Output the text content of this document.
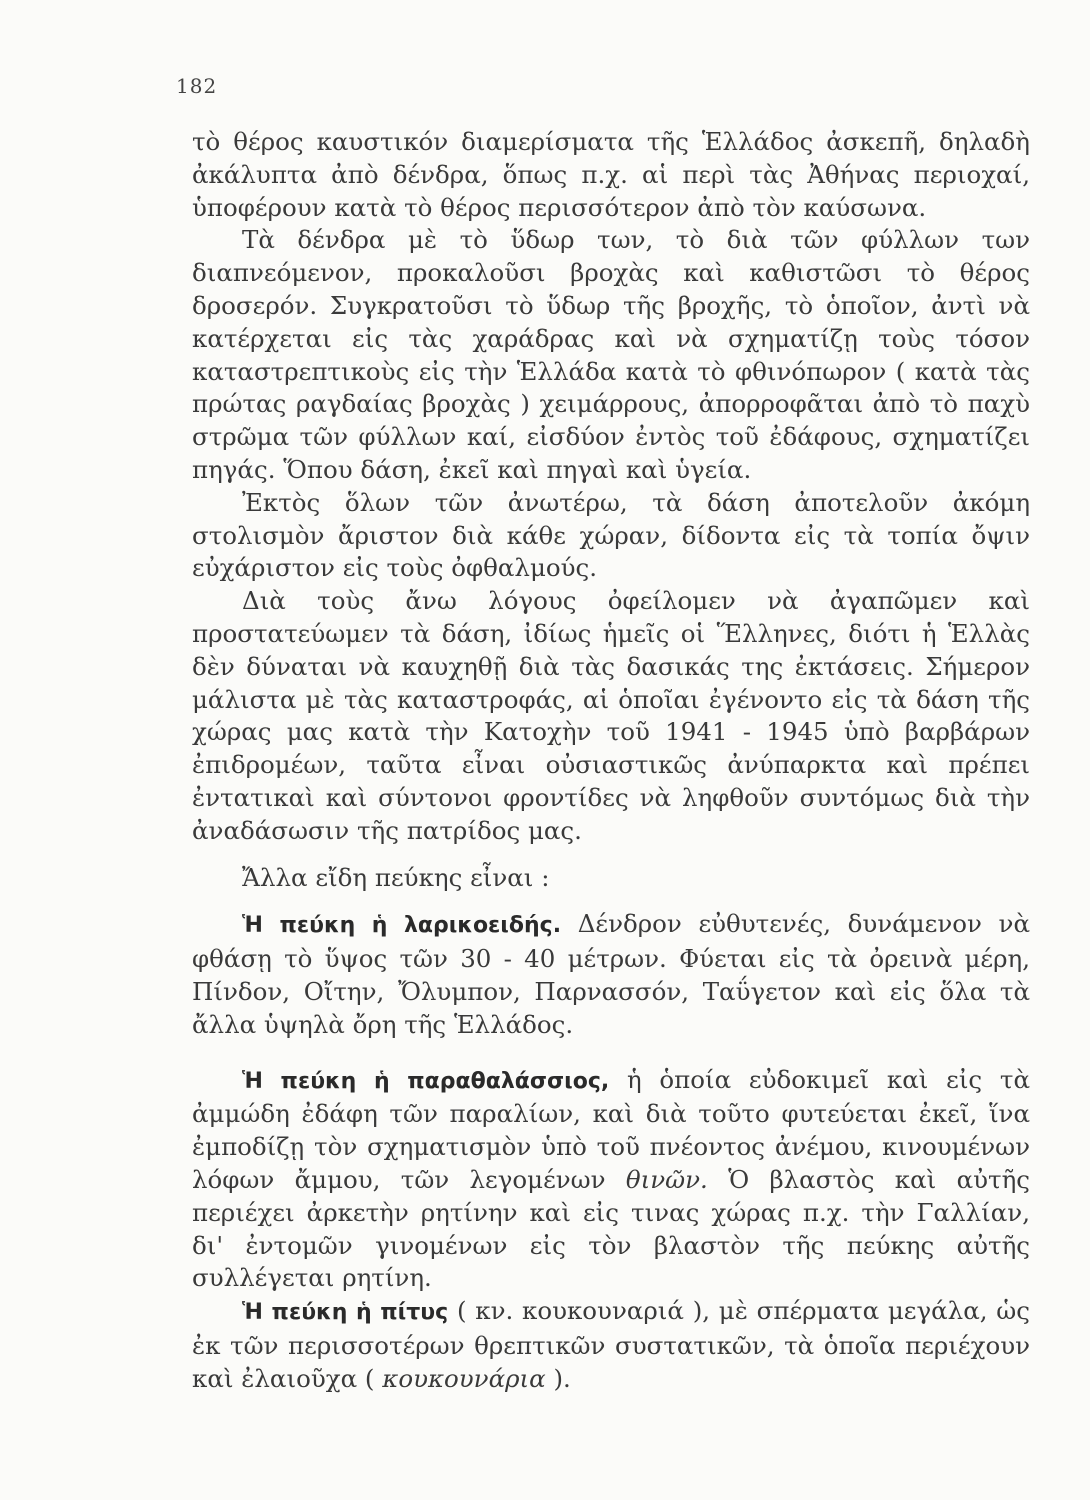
182

τὸ θέρος καυστικόν διαμερίσματα τῆς Ἑλλάδος ἀσκεπῆ, δηλαδὴ ἀκάλυπτα ἀπὸ δένδρα, ὅπως π.χ. αἱ περὶ τὰς Ἀθήνας περιοχαί, ὑποφέρουν κατὰ τὸ θέρος περισσότερον ἀπὸ τὸν καύσωνα.

Τὰ δένδρα μὲ τὸ ὕδωρ των, τὸ διὰ τῶν φύλλων των διαπνεόμενον, προκαλοῦσι βροχὰς καὶ καθιστῶσι τὸ θέρος δροσερόν. Συγκρατοῦσι τὸ ὕδωρ τῆς βροχῆς, τὸ ὁποῖον, ἀντὶ νὰ κατέρχεται εἰς τὰς χαράδρας καὶ νὰ σχηματίζῃ τοὺς τόσον καταστρεπτικοὺς εἰς τὴν Ἑλλάδα κατὰ τὸ φθινόπωρον ( κατὰ τὰς πρώτας ραγδαίας βροχὰς ) χειμάρρους, ἀπορροφᾶται ἀπὸ τὸ παχὺ στρῶμα τῶν φύλλων καί, εἰσδύον ἐντὸς τοῦ ἐδάφους, σχηματίζει πηγάς. Ὅπου δάση, ἐκεῖ καὶ πηγαὶ καὶ ὑγεία.

Ἐκτὸς ὅλων τῶν ἀνωτέρω, τὰ δάση ἀποτελοῦν ἀκόμη στολισμὸν ἄριστον διὰ κάθε χώραν, δίδοντα εἰς τὰ τοπία ὄψιν εὐχάριστον εἰς τοὺς ὀφθαλμούς.

Διὰ τοὺς ἄνω λόγους ὀφείλομεν νὰ ἀγαπῶμεν καὶ προστατεύωμεν τὰ δάση, ἰδίως ἡμεῖς οἱ Ἕλληνες, διότι ἡ Ἑλλὰς δὲν δύναται νὰ καυχηθῇ διὰ τὰς δασικάς της ἐκτάσεις. Σήμερον μάλιστα μὲ τὰς καταστροφάς, αἱ ὁποῖαι ἐγένοντο εἰς τὰ δάση τῆς χώρας μας κατὰ τὴν Κατοχὴν τοῦ 1941 - 1945 ὑπὸ βαρβάρων ἐπιδρομέων, ταῦτα εἶναι οὐσιαστικῶς ἀνύπαρκτα καὶ πρέπει ἐντατικαὶ καὶ σύντονοι φροντίδες νὰ ληφθοῦν συντόμως διὰ τὴν ἀναδάσωσιν τῆς πατρίδος μας.

Ἄλλα εἴδη πεύκης εἶναι :

Ἡ πεύκη ἡ λαρικοειδής. Δένδρον εὐθυτενές, δυνάμενον νὰ φθάσῃ τὸ ὕψος τῶν 30 - 40 μέτρων. Φύεται εἰς τὰ ὀρεινὰ μέρη, Πίνδον, Οἴτην, Ὄλυμπον, Παρνασσόν, Ταΰγετον καὶ εἰς ὅλα τὰ ἄλλα ὑψηλὰ ὄρη τῆς Ἑλλάδος.

Ἡ πεύκη ἡ παραθαλάσσιος, ἡ ὁποία εὐδοκιμεῖ καὶ εἰς τὰ ἀμμώδη ἐδάφη τῶν παραλίων, καὶ διὰ τοῦτο φυτεύεται ἐκεῖ, ἵνα ἐμποδίζῃ τὸν σχηματισμὸν ὑπὸ τοῦ πνέοντος ἀνέμου, κινουμένων λόφων ἄμμου, τῶν λεγομένων θινῶν. Ὁ βλαστὸς καὶ αὐτῆς περιέχει ἀρκετὴν ρητίνην καὶ εἰς τινας χώρας π.χ. τὴν Γαλλίαν, δι' ἐντομῶν γινομένων εἰς τὸν βλαστὸν τῆς πεύκης αὐτῆς συλλέγεται ρητίνη.

Ἡ πεύκη ἡ πίτυς ( κν. κουκουναριά ), μὲ σπέρματα μεγάλα, ὡς ἐκ τῶν περισσοτέρων θρεπτικῶν συστατικῶν, τὰ ὁποῖα περιέχουν καὶ ἐλαιοῦχα ( κουκουνάρια ).
